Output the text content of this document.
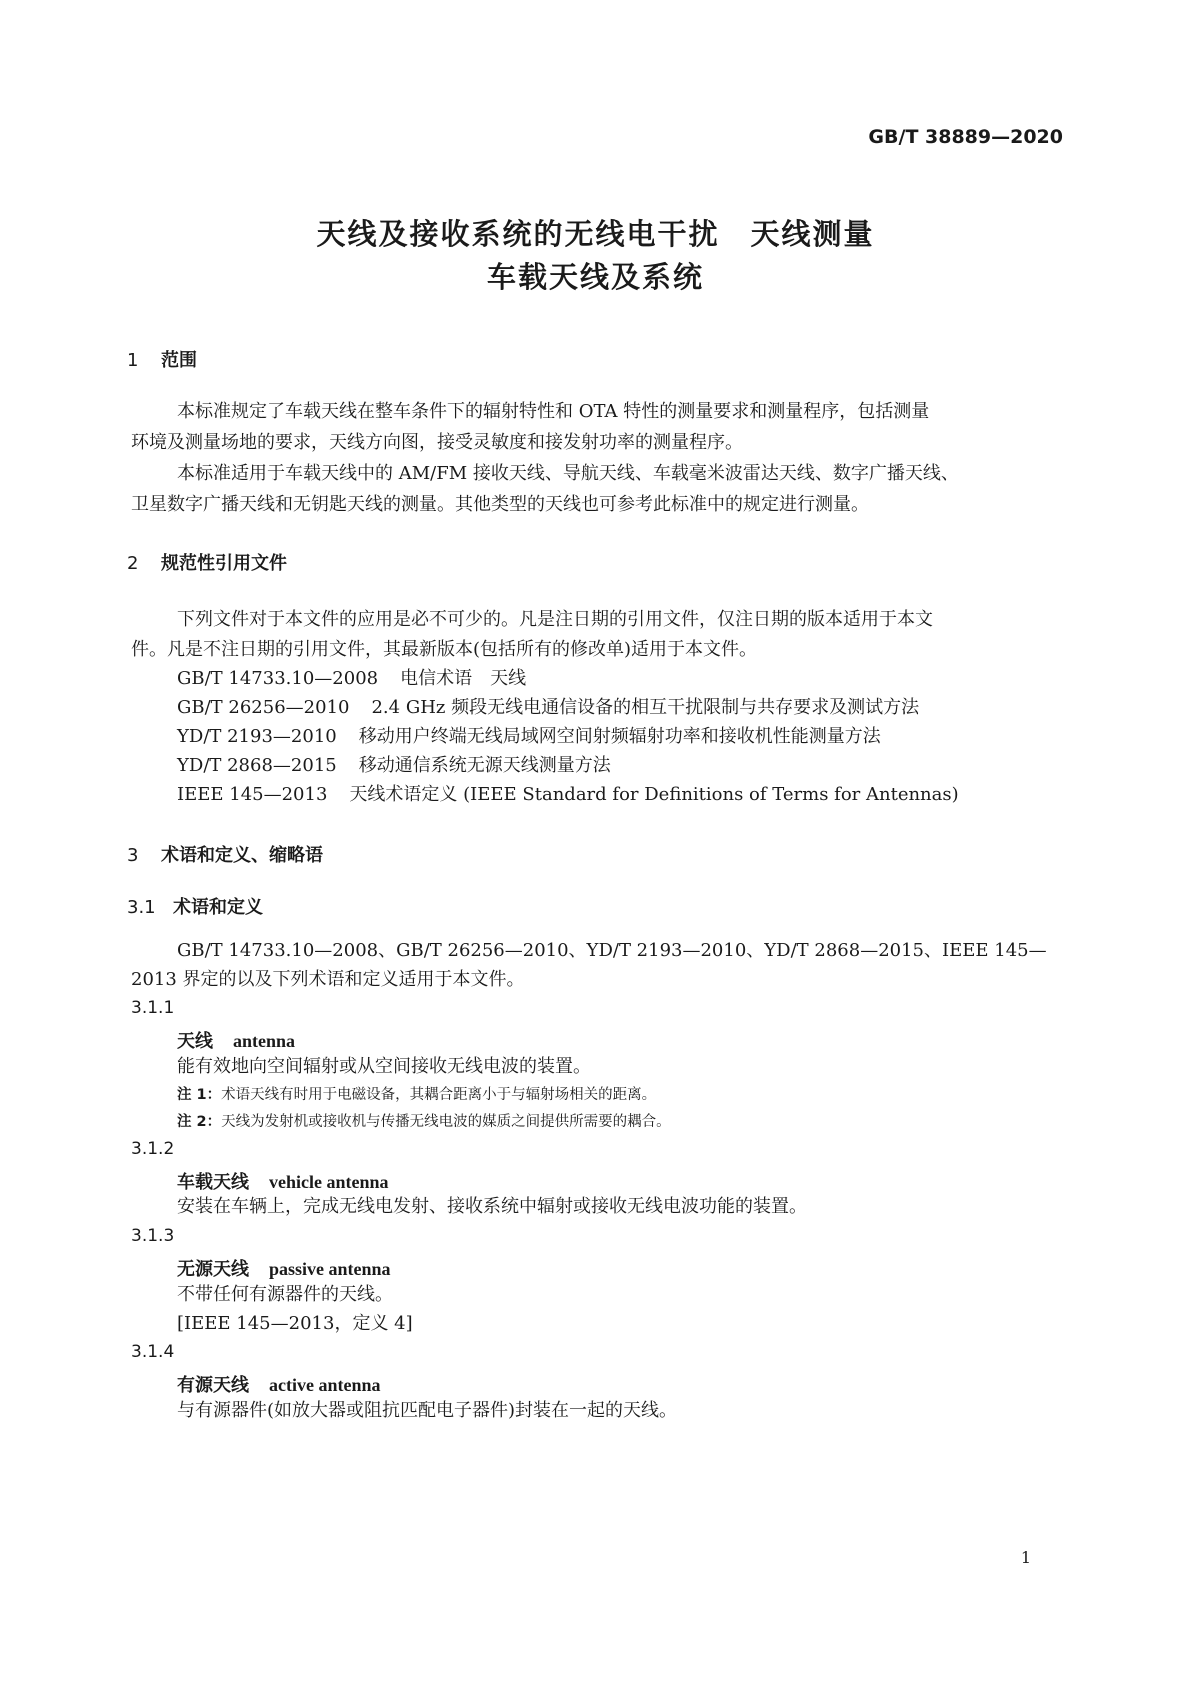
GB/T 38889—2020
天线及接收系统的无线电干扰　天线测量
车载天线及系统
1 范围
本标准规定了车载天线在整车条件下的辐射特性和 OTA 特性的测量要求和测量程序，包括测量
环境及测量场地的要求，天线方向图，接受灵敏度和接发射功率的测量程序。
本标准适用于车载天线中的 AM/FM 接收天线、导航天线、车载毫米波雷达天线、数字广播天线、
卫星数字广播天线和无钥匙天线的测量。其他类型的天线也可参考此标准中的规定进行测量。
2 规范性引用文件
下列文件对于本文件的应用是必不可少的。凡是注日期的引用文件，仅注日期的版本适用于本文
件。凡是不注日期的引用文件，其最新版本(包括所有的修改单)适用于本文件。
GB/T 14733.10—2008 电信术语　天线
GB/T 26256—2010 2.4 GHz 频段无线电通信设备的相互干扰限制与共存要求及测试方法
YD/T 2193—2010 移动用户终端无线局域网空间射频辐射功率和接收机性能测量方法
YD/T 2868—2015 移动通信系统无源天线测量方法
IEEE 145—2013 天线术语定义 (IEEE Standard for Definitions of Terms for Antennas)
3 术语和定义、缩略语
3.1 术语和定义
GB/T 14733.10—2008、GB/T 26256—2010、YD/T 2193—2010、YD/T 2868—2015、IEEE 145—
2013 界定的以及下列术语和定义适用于本文件。
3.1.1
天线 antenna
能有效地向空间辐射或从空间接收无线电波的装置。
注 1：术语天线有时用于电磁设备，其耦合距离小于与辐射场相关的距离。
注 2：天线为发射机或接收机与传播无线电波的媒质之间提供所需要的耦合。
3.1.2
车载天线 vehicle antenna
安装在车辆上，完成无线电发射、接收系统中辐射或接收无线电波功能的装置。
3.1.3
无源天线 passive antenna
不带任何有源器件的天线。
[IEEE 145—2013，定义 4]
3.1.4
有源天线 active antenna
与有源器件(如放大器或阻抗匹配电子器件)封装在一起的天线。
1
